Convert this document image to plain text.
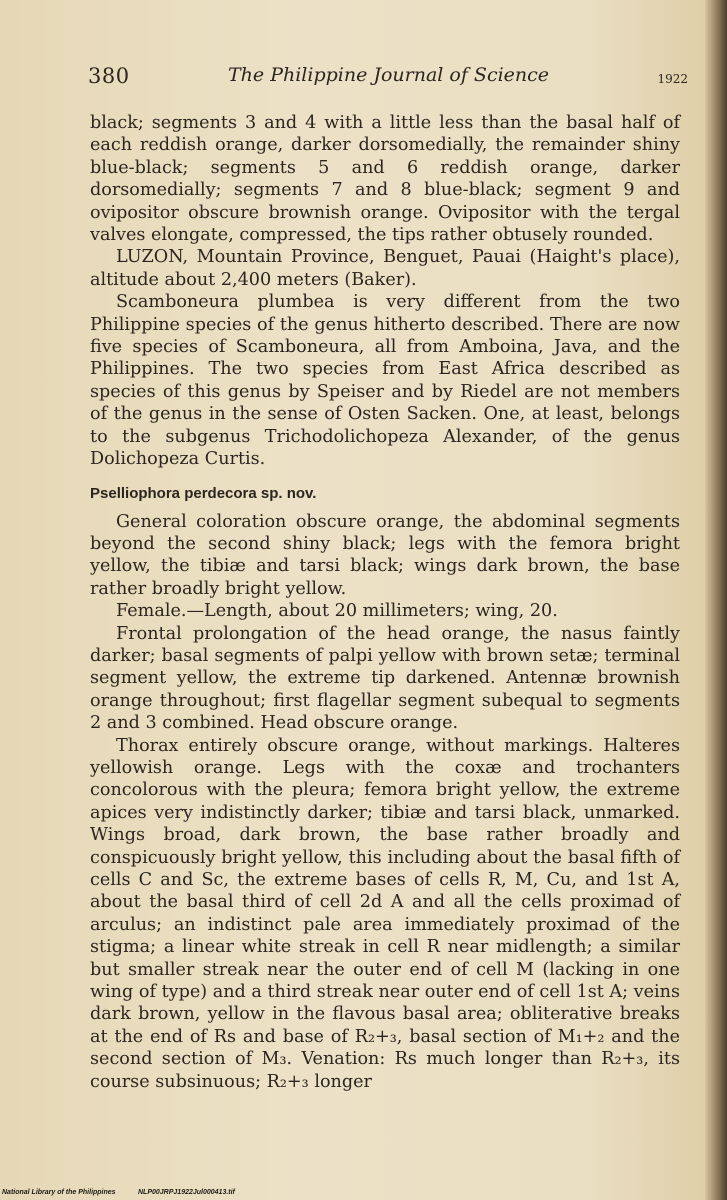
380	The Philippine Journal of Science	1922

black; segments 3 and 4 with a little less than the basal half of each reddish orange, darker dorsomedially, the remainder shiny blue-black; segments 5 and 6 reddish orange, darker dorsomedially; segments 7 and 8 blue-black; segment 9 and ovipositor obscure brownish orange. Ovipositor with the tergal valves elongate, compressed, the tips rather obtusely rounded.

LUZON, Mountain Province, Benguet, Pauai (Haight's place), altitude about 2,400 meters (Baker).

Scamboneura plumbea is very different from the two Philippine species of the genus hitherto described. There are now five species of Scamboneura, all from Amboina, Java, and the Philippines. The two species from East Africa described as species of this genus by Speiser and by Riedel are not members of the genus in the sense of Osten Sacken. One, at least, belongs to the subgenus Trichodolichopeza Alexander, of the genus Dolichopeza Curtis.

Pselliophora perdecora sp. nov.

General coloration obscure orange, the abdominal segments beyond the second shiny black; legs with the femora bright yellow, the tibiæ and tarsi black; wings dark brown, the base rather broadly bright yellow.

Female.—Length, about 20 millimeters; wing, 20.

Frontal prolongation of the head orange, the nasus faintly darker; basal segments of palpi yellow with brown setæ; terminal segment yellow, the extreme tip darkened. Antennæ brownish orange throughout; first flagellar segment subequal to segments 2 and 3 combined. Head obscure orange.

Thorax entirely obscure orange, without markings. Halteres yellowish orange. Legs with the coxæ and trochanters concolorous with the pleura; femora bright yellow, the extreme apices very indistinctly darker; tibiæ and tarsi black, unmarked. Wings broad, dark brown, the base rather broadly and conspicuously bright yellow, this including about the basal fifth of cells C and Sc, the extreme bases of cells R, M, Cu, and 1st A, about the basal third of cell 2d A and all the cells proximad of arculus; an indistinct pale area immediately proximad of the stigma; a linear white streak in cell R near midlength; a similar but smaller streak near the outer end of cell M (lacking in one wing of type) and a third streak near outer end of cell 1st A; veins dark brown, yellow in the flavous basal area; obliterative breaks at the end of Rs and base of R₂+₃, basal section of M₁+₂ and the second section of M₃. Venation: Rs much longer than R₂+₃, its course subsinuous; R₂+₃ longer

National Library of the Philippines	NLP00JRPJ1922Jul000413.tif
